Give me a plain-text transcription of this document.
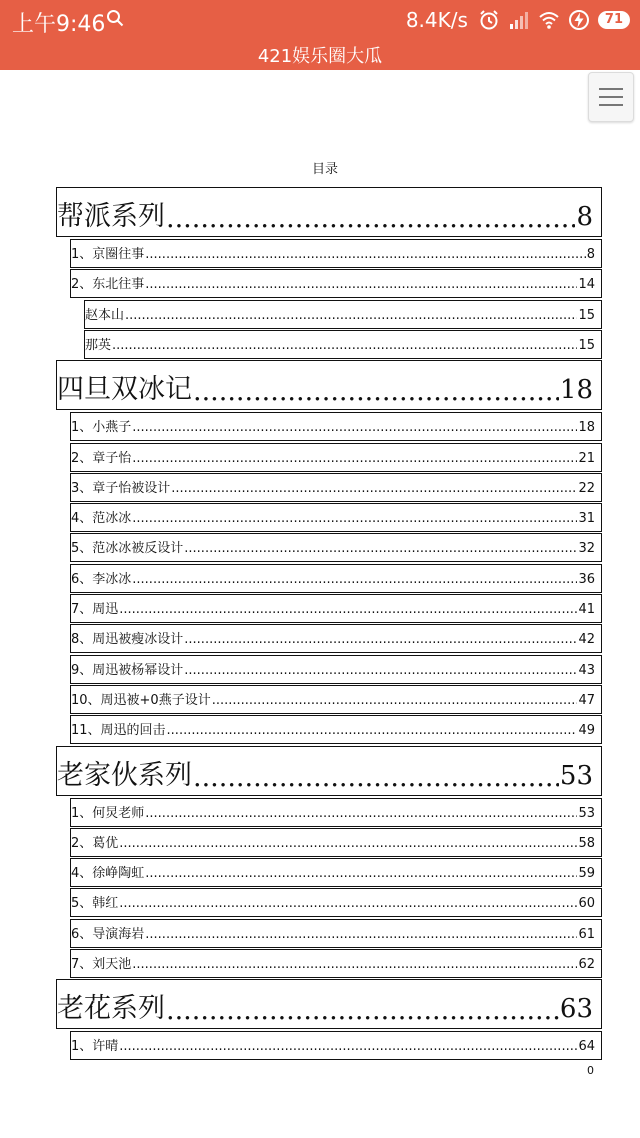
上午9:46	8.4K/s	71
421娱乐圈大瓜
目录
帮派系列 .....	8
1、京圈往事 .....	8
2、东北往事 .....	14
赵本山 .....	15
那英 .....	15
四旦双冰记 .....	18
1、小燕子 .....	18
2、章子怡 .....	21
3、章子怡被设计 .....	22
4、范冰冰 .....	31
5、范冰冰被反设计 .....	32
6、李冰冰 .....	36
7、周迅 .....	41
8、周迅被瘦冰设计 .....	42
9、周迅被杨幂设计 .....	43
10、周迅被+0燕子设计 .....	47
11、周迅的回击 .....	49
老家伙系列 .....	53
1、何炅老师 .....	53
2、葛优 .....	58
4、徐峥陶虹 .....	59
5、韩红 .....	60
6、导演海岩 .....	61
7、刘天池 .....	62
老花系列 .....	63
1、许晴 .....	64
0
